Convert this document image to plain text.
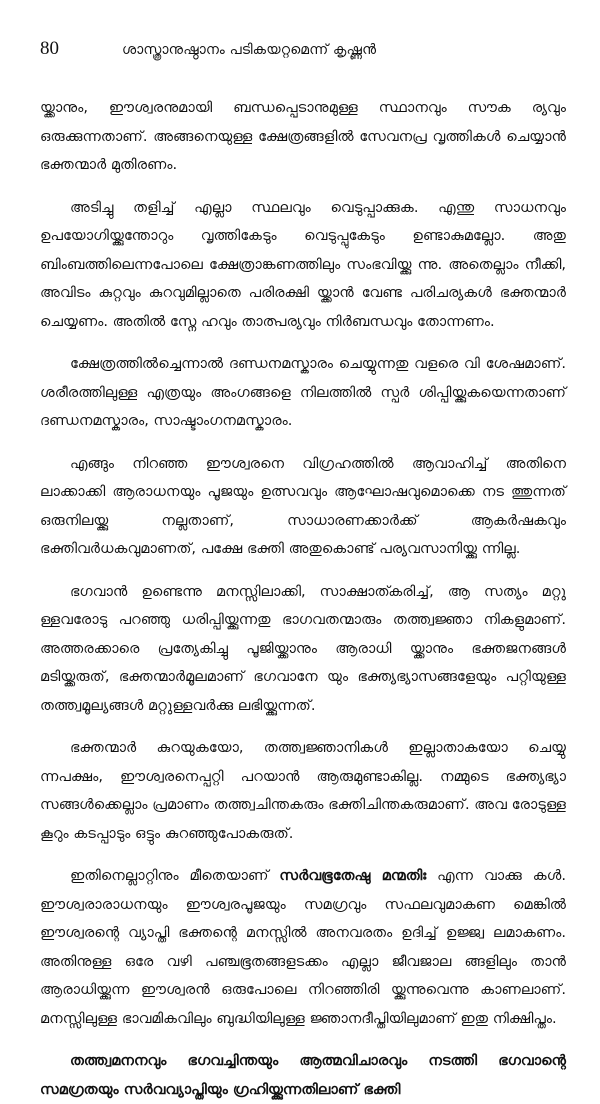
80	ശാസ്ത്രാനുഷ്ഠാനം പടികയറ്റമെന്ന് കൃഷ്ണൻ

യ്ക്കാനും, ഈശ്വരനുമായി ബന്ധപ്പെടാനുമുള്ള സ്ഥാനവും സൗക ര്യവും ഒരുക്കുന്നതാണ്. അങ്ങനെയുള്ള ക്ഷേത്രങ്ങളിൽ സേവനപ്ര വൃത്തികൾ ചെയ്യാൻ ഭക്തന്മാർ മുതിരണം.

അടിച്ചു തളിച്ച് എല്ലാ സ്ഥലവും വെടുപ്പാക്കുക. എന്തു സാധനവും ഉപയോഗിയ്ക്കുന്തോറും വൃത്തികേടും വെടുപ്പുകേടും ഉണ്ടാകുമല്ലോ. അതു ബിംബത്തിലെന്നപോലെ ക്ഷേത്രാങ്കണത്തിലും സംഭവിയ്ക്കു ന്നു. അതെല്ലാം നീക്കി, അവിടം കുറ്റവും കുറവുമില്ലാതെ പരിരക്ഷി യ്ക്കാൻ വേണ്ട പരിചര്യകൾ ഭക്തന്മാർ ചെയ്യണം. അതിൽ സ്നേ ഹവും താത്പര്യവും നിർബന്ധവും തോന്നണം.

ക്ഷേത്രത്തിൽച്ചെന്നാൽ ദണ്ഡനമസ്കാരം ചെയ്യുന്നതു വളരെ വി ശേഷമാണ്. ശരീരത്തിലുള്ള എത്രയും അംഗങ്ങളെ നിലത്തിൽ സ്പർ ശിപ്പിയ്ക്കുകയെന്നതാണ് ദണ്ഡനമസ്കാരം, സാഷ്ടാംഗനമസ്കാരം.

എങ്ങും നിറഞ്ഞ ഈശ്വരനെ വിഗ്രഹത്തിൽ ആവാഹിച്ച് അതിനെ ലാക്കാക്കി ആരാധനയും പൂജയും ഉത്സവവും ആഘോഷവുമൊക്കെ നട ത്തുന്നത് ഒരുനിലയ്ക്കു നല്ലതാണ്, സാധാരണക്കാർക്ക് ആകർഷകവും ഭക്തിവർധകവുമാണത്, പക്ഷേ ഭക്തി അതുകൊണ്ട് പര്യവസാനിയ്ക്കു ന്നില്ല.

ഭഗവാൻ ഉണ്ടെന്നു മനസ്സിലാക്കി, സാക്ഷാത്കരിച്ച്, ആ സത്യം മറ്റു ള്ളവരോടു പറഞ്ഞു ധരിപ്പിയ്ക്കുന്നതു ഭാഗവതന്മാരും തത്ത്വജ്ഞാ നികളുമാണ്. അത്തരക്കാരെ പ്രത്യേകിച്ചു പൂജിയ്ക്കാനും ആരാധി യ്ക്കാനും ഭക്തജനങ്ങൾ മടിയ്ക്കരുത്, ഭക്തന്മാർമൂലമാണ് ഭഗവാനേ യും ഭക്ത്യഭ്യാസങ്ങളേയും പറ്റിയുള്ള തത്ത്വമൂല്യങ്ങൾ മറ്റുള്ളവർക്കു ലഭിയ്ക്കുന്നത്.

ഭക്തന്മാർ കുറയുകയോ, തത്ത്വജ്ഞാനികൾ ഇല്ലാതാകയോ ചെയ്യു ന്നപക്ഷം, ഈശ്വരനെപ്പറ്റി പറയാൻ ആരുമുണ്ടാകില്ല. നമ്മുടെ ഭക്ത്യഭ്യാ സങ്ങൾക്കെല്ലാം പ്രമാണം തത്ത്വചിന്തകരും ഭക്തിചിന്തകരുമാണ്. അവ രോടുള്ള കൂറും കടപ്പാടും ഒട്ടും കുറഞ്ഞുപോകരുത്.

ഇതിനെല്ലാറ്റിനും മീതെയാണ് സർവഭൂതേഷു മന്മതിഃ എന്ന വാക്കു കൾ. ഈശ്വരാരാധനയും ഈശ്വരപൂജയും സമഗ്രവും സഫലവുമാകണ മെങ്കിൽ ഈശ്വരന്റെ വ്യാപ്തി ഭക്തന്റെ മനസ്സിൽ അനവരതം ഉദിച്ച് ഉജ്ജ്വ ലമാകണം. അതിനുള്ള ഒരേ വഴി പഞ്ചഭൂതങ്ങളടക്കം എല്ലാ ജീവജാല ങ്ങളിലും താൻ ആരാധിയ്ക്കുന്ന ഈശ്വരൻ ഒരുപോലെ നിറഞ്ഞിരി യ്ക്കുന്നുവെന്നു കാണലാണ്. മനസ്സിലുള്ള ഭാവമികവിലും ബുദ്ധിയിലുള്ള ജ്ഞാനദീപ്തിയിലുമാണ് ഇതു നിക്ഷിപ്തം.

തത്ത്വമനനവും ഭഗവച്ചിന്തയും ആത്മവിചാരവും നടത്തി ഭഗവാന്റെ സമഗ്രതയും സർവവ്യാപ്തിയും ഗ്രഹിയ്ക്കുന്നതിലാണ് ഭക്തി
